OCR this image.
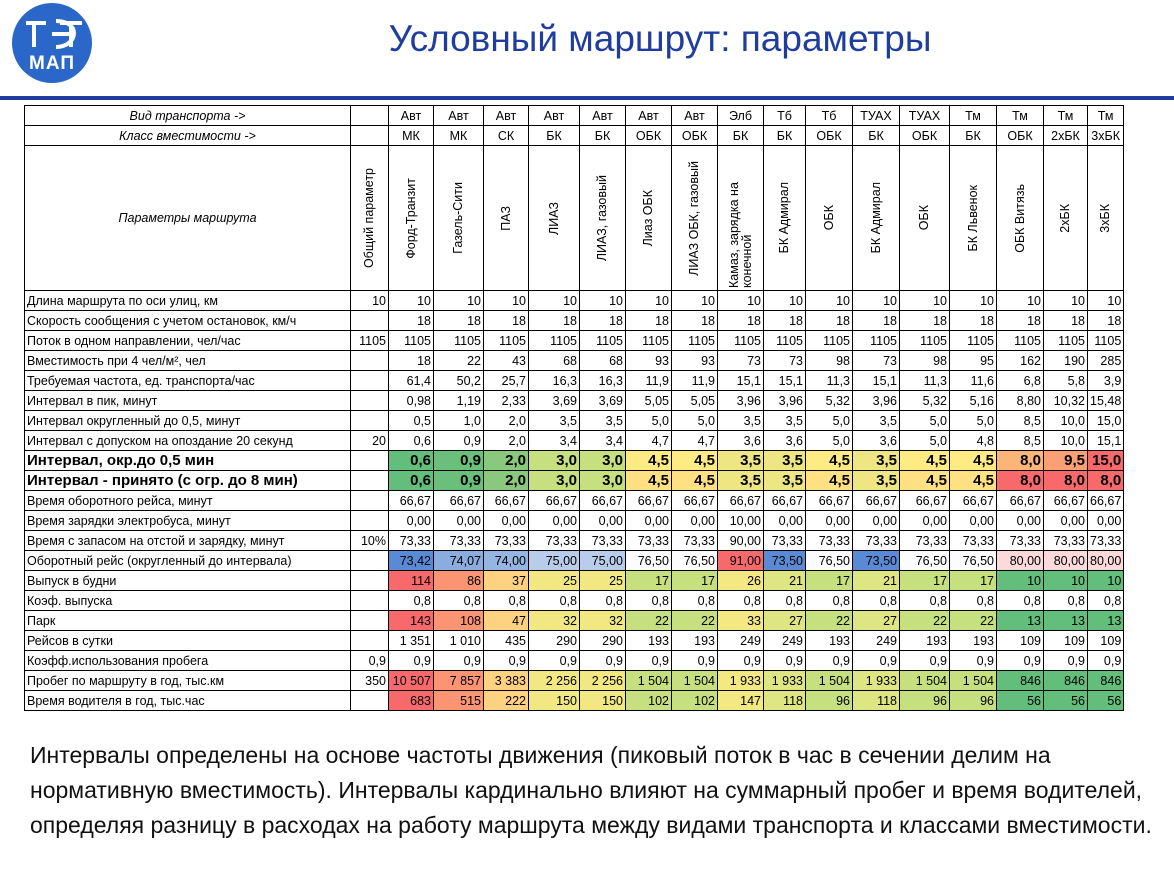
МАП
Условный маршрут: параметры
Вид транспорта ->		Авт	Авт	Авт	Авт	Авт	Авт	Авт	Элб	Тб	Тб	ТУАХ	ТУАХ	Тм	Тм	Тм	Тм
Класс вместимости ->		МК	МК	СК	БК	БК	ОБК	ОБК	БК	БК	ОБК	БК	ОБК	БК	ОБК	2хБК	3хБК
Параметры маршрута	Общий параметр	Форд-Транзит	Газель-Сити	ПАЗ	ЛИАЗ	ЛИАЗ, газовый	Лиаз ОБК	ЛИАЗ ОБК, газовый	Камаз, зарядка на конечной	БК Адмирал	ОБК	БК Адмирал	ОБК	БК Львенок	ОБК Витязь	2хБК	3хБК

Длина маршрута по оси улиц, км	10	10	10	10	10	10	10	10	10	10	10	10	10	10	10	10	10
Скорость сообщения с учетом остановок, км/ч		18	18	18	18	18	18	18	18	18	18	18	18	18	18	18	18
Поток в одном направлении, чел/час	1105	1105	1105	1105	1105	1105	1105	1105	1105	1105	1105	1105	1105	1105	1105	1105	1105
Вместимость при 4 чел/м², чел		18	22	43	68	68	93	93	73	73	98	73	98	95	162	190	285
Требуемая частота, ед. транспорта/час		61,4	50,2	25,7	16,3	16,3	11,9	11,9	15,1	15,1	11,3	15,1	11,3	11,6	6,8	5,8	3,9
Интервал в пик, минут		0,98	1,19	2,33	3,69	3,69	5,05	5,05	3,96	3,96	5,32	3,96	5,32	5,16	8,80	10,32	15,48
Интервал округленный до 0,5, минут		0,5	1,0	2,0	3,5	3,5	5,0	5,0	3,5	3,5	5,0	3,5	5,0	5,0	8,5	10,0	15,0
Интервал с допуском на опоздание 20 секунд	20	0,6	0,9	2,0	3,4	3,4	4,7	4,7	3,6	3,6	5,0	3,6	5,0	4,8	8,5	10,0	15,1
Интервал, окр.до 0,5 мин		0,6	0,9	2,0	3,0	3,0	4,5	4,5	3,5	3,5	4,5	3,5	4,5	4,5	8,0	9,5	15,0
Интервал - принято (с огр. до 8 мин)		0,6	0,9	2,0	3,0	3,0	4,5	4,5	3,5	3,5	4,5	3,5	4,5	4,5	8,0	8,0	8,0
Время оборотного рейса, минут		66,67	66,67	66,67	66,67	66,67	66,67	66,67	66,67	66,67	66,67	66,67	66,67	66,67	66,67	66,67	66,67
Время зарядки электробуса, минут		0,00	0,00	0,00	0,00	0,00	0,00	0,00	10,00	0,00	0,00	0,00	0,00	0,00	0,00	0,00	0,00
Время с запасом на отстой и зарядку, минут	10%	73,33	73,33	73,33	73,33	73,33	73,33	73,33	90,00	73,33	73,33	73,33	73,33	73,33	73,33	73,33	73,33
Оборотный рейс (округленный до интервала)		73,42	74,07	74,00	75,00	75,00	76,50	76,50	91,00	73,50	76,50	73,50	76,50	76,50	80,00	80,00	80,00
Выпуск в будни		114	86	37	25	25	17	17	26	21	17	21	17	17	10	10	10
Коэф. выпуска		0,8	0,8	0,8	0,8	0,8	0,8	0,8	0,8	0,8	0,8	0,8	0,8	0,8	0,8	0,8	0,8
Парк		143	108	47	32	32	22	22	33	27	22	27	22	22	13	13	13
Рейсов в сутки		1 351	1 010	435	290	290	193	193	249	249	193	249	193	193	109	109	109
Коэфф.использования пробега	0,9	0,9	0,9	0,9	0,9	0,9	0,9	0,9	0,9	0,9	0,9	0,9	0,9	0,9	0,9	0,9	0,9
Пробег по маршруту в год, тыс.км	350	10 507	7 857	3 383	2 256	2 256	1 504	1 504	1 933	1 933	1 504	1 933	1 504	1 504	846	846	846
Время водителя в год, тыс.час		683	515	222	150	150	102	102	147	118	96	118	96	96	56	56	56
Интервалы определены на основе частоты движения (пиковый поток в час в сечении делим на нормативную вместимость). Интервалы кардинально влияют на суммарный пробег и время водителей, определяя разницу в расходах на работу маршрута между видами транспорта и классами вместимости.
